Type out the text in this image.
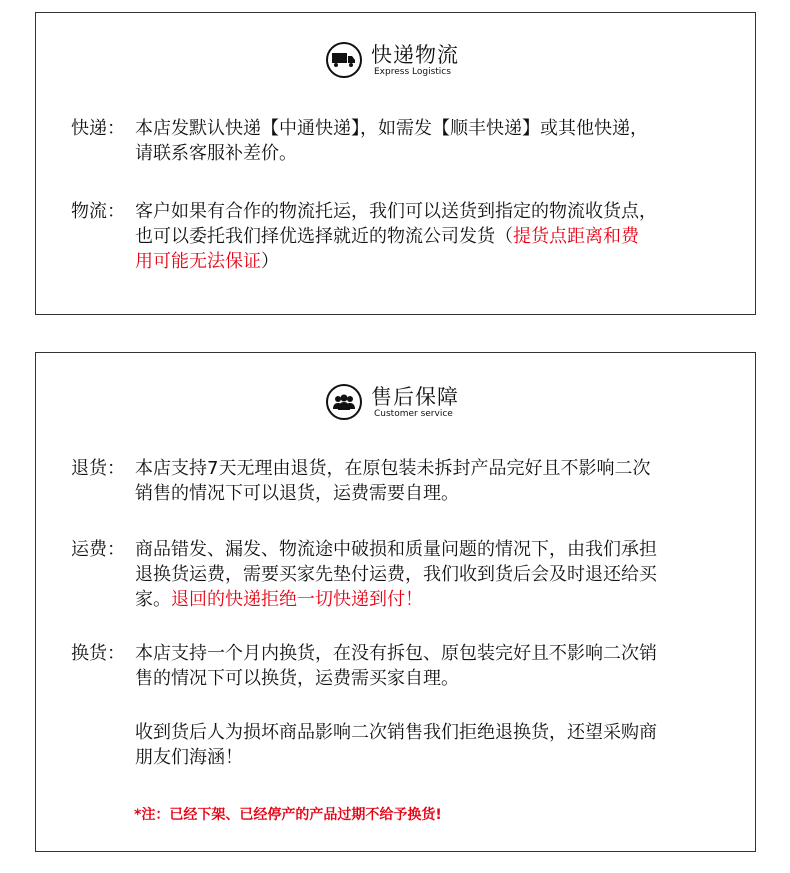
快递物流
Express Logistics
快递： 本店发默认快递【中通快递】，如需发【顺丰快递】或其他快递，
请联系客服补差价。
物流： 客户如果有合作的物流托运，我们可以送货到指定的物流收货点，
也可以委托我们择优选择就近的物流公司发货（提货点距离和费
用可能无法保证）
售后保障
Customer service
退货： 本店支持7天无理由退货，在原包装未拆封产品完好且不影响二次
销售的情况下可以退货，运费需要自理。
运费： 商品错发、漏发、物流途中破损和质量问题的情况下，由我们承担
退换货运费，需要买家先垫付运费，我们收到货后会及时退还给买
家。退回的快递拒绝一切快递到付！
换货： 本店支持一个月内换货，在没有拆包、原包装完好且不影响二次销
售的情况下可以换货，运费需买家自理。
收到货后人为损坏商品影响二次销售我们拒绝退换货，还望采购商
朋友们海涵！
*注：已经下架、已经停产的产品过期不给予换货!
